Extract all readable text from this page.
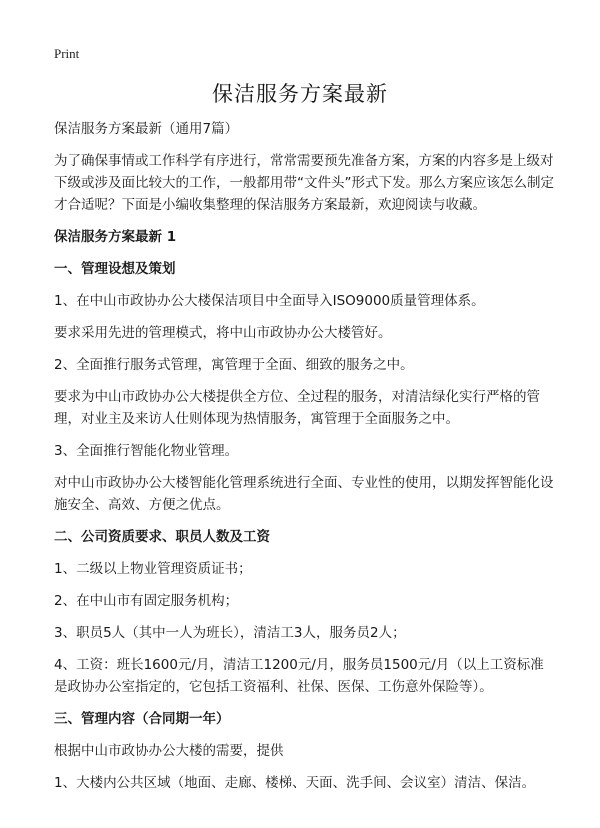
Print
保洁服务方案最新

保洁服务方案最新（通用7篇）

为了确保事情或工作科学有序进行，常常需要预先准备方案，方案的内容多是上级对下级或涉及面比较大的工作，一般都用带“文件头”形式下发。那么方案应该怎么制定才合适呢？下面是小编收集整理的保洁服务方案最新，欢迎阅读与收藏。

保洁服务方案最新 1

一、管理设想及策划

1、在中山市政协办公大楼保洁项目中全面导入ISO9000质量管理体系。

要求采用先进的管理模式，将中山市政协办公大楼管好。

2、全面推行服务式管理，寓管理于全面、细致的服务之中。

要求为中山市政协办公大楼提供全方位、全过程的服务，对清洁绿化实行严格的管理，对业主及来访人仕则体现为热情服务，寓管理于全面服务之中。

3、全面推行智能化物业管理。

对中山市政协办公大楼智能化管理系统进行全面、专业性的使用，以期发挥智能化设施安全、高效、方便之优点。

二、公司资质要求、职员人数及工资

1、二级以上物业管理资质证书；

2、在中山市有固定服务机构；

3、职员5人（其中一人为班长），清洁工3人，服务员2人；

4、工资：班长1600元/月，清洁工1200元/月，服务员1500元/月（以上工资标准是政协办公室指定的，它包括工资福利、社保、医保、工伤意外保险等）。

三、管理内容（合同期一年）

根据中山市政协办公大楼的需要，提供

1、大楼内公共区域（地面、走廊、楼梯、天面、洗手间、会议室）清洁、保洁。
